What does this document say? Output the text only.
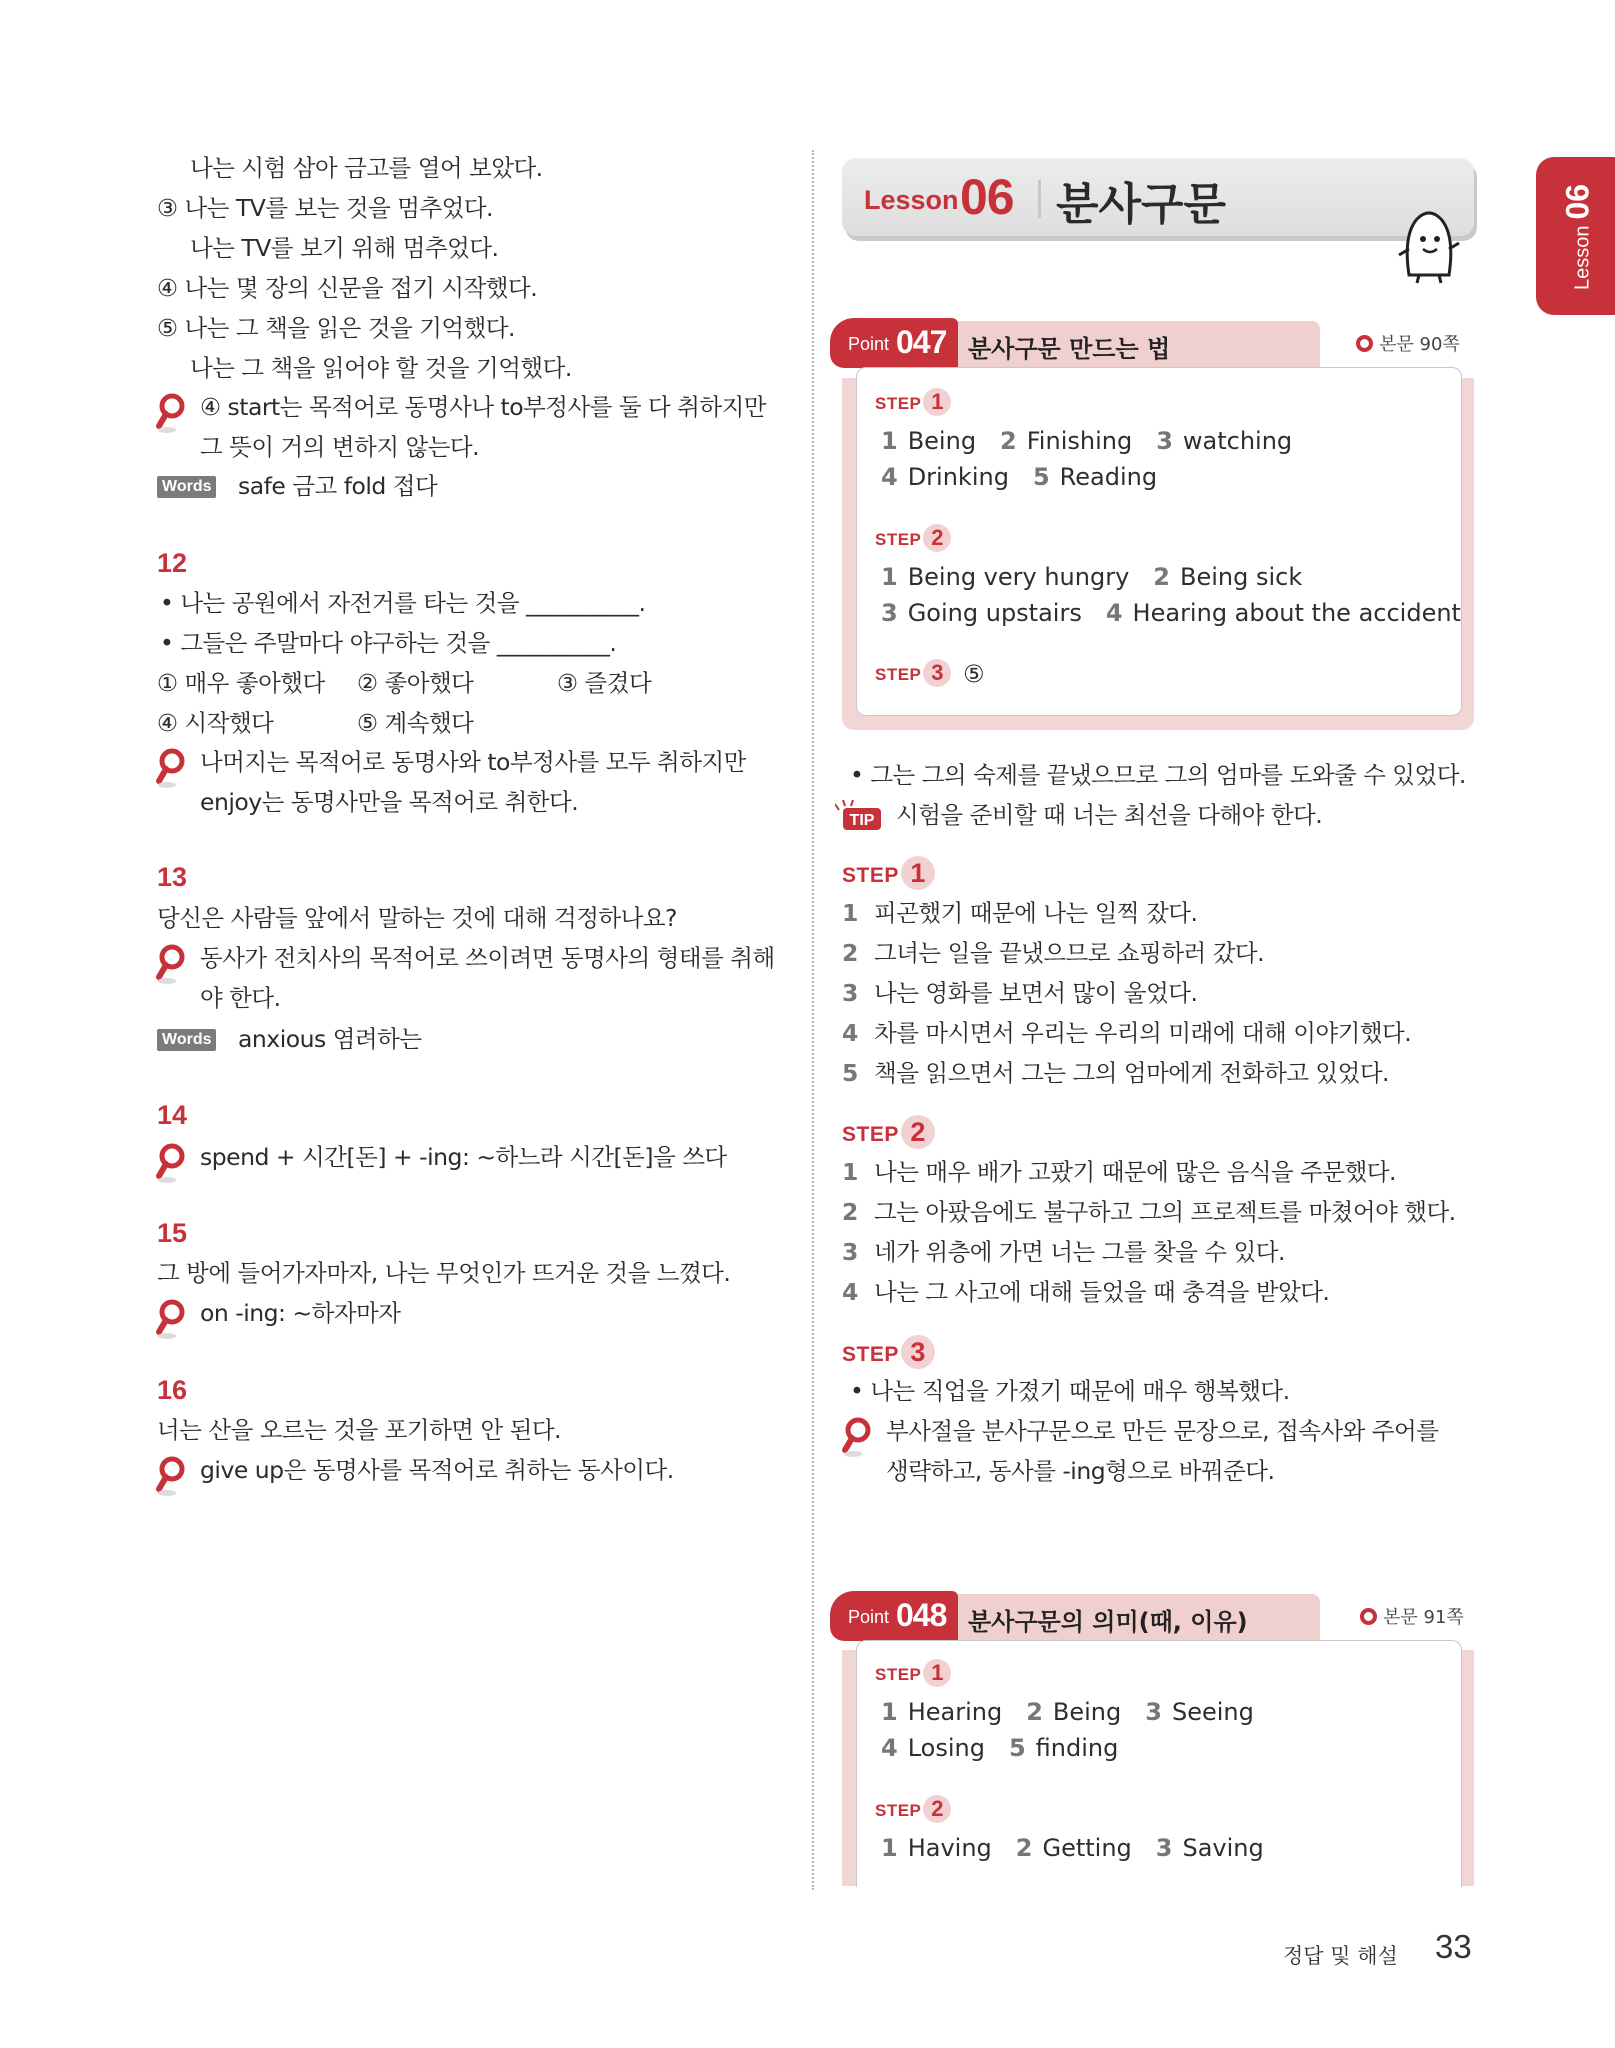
나는 시험 삼아 금고를 열어 보았다.
③ 나는 TV를 보는 것을 멈추었다.
나는 TV를 보기 위해 멈추었다.
④ 나는 몇 장의 신문을 접기 시작했다.
⑤ 나는 그 책을 읽은 것을 기억했다.
나는 그 책을 읽어야 할 것을 기억했다.
④ start는 목적어로 동명사나 to부정사를 둘 다 취하지만
그 뜻이 거의 변하지 않는다.
Words safe 금고 fold 접다
12
• 나는 공원에서 자전거를 타는 것을 __________.
• 그들은 주말마다 야구하는 것을 __________.
① 매우 좋아했다 ② 좋아했다	③ 즐겼다
④ 시작했다	⑤ 계속했다
나머지는 목적어로 동명사와 to부정사를 모두 취하지만
enjoy는 동명사만을 목적어로 취한다.
13
당신은 사람들 앞에서 말하는 것에 대해 걱정하나요?
동사가 전치사의 목적어로 쓰이려면 동명사의 형태를 취해
야 한다.
Words anxious 염려하는
14
spend + 시간[돈] + -ing: ~하느라 시간[돈]을 쓰다
15
그 방에 들어가자마자, 나는 무엇인가 뜨거운 것을 느꼈다.
on -ing: ~하자마자
16
너는 산을 오르는 것을 포기하면 안 된다.
give up은 동명사를 목적어로 취하는 동사이다.
Lesson 06 분사구문
Lesson06
Point 047 분사구문 만드는 법	본문 90쪽
STEP 1
1 Being 2 Finishing 3 watching
4 Drinking 5 Reading
STEP 2
1 Being very hungry 2 Being sick
3 Going upstairs 4 Hearing about the accident
STEP 3 ⑤
• 그는 그의 숙제를 끝냈으므로 그의 엄마를 도와줄 수 있었다.
TIP 시험을 준비할 때 너는 최선을 다해야 한다.
STEP 1
1 피곤했기 때문에 나는 일찍 잤다.
2 그녀는 일을 끝냈으므로 쇼핑하러 갔다.
3 나는 영화를 보면서 많이 울었다.
4 차를 마시면서 우리는 우리의 미래에 대해 이야기했다.
5 책을 읽으면서 그는 그의 엄마에게 전화하고 있었다.
STEP 2
1 나는 매우 배가 고팠기 때문에 많은 음식을 주문했다.
2 그는 아팠음에도 불구하고 그의 프로젝트를 마쳤어야 했다.
3 네가 위층에 가면 너는 그를 찾을 수 있다.
4 나는 그 사고에 대해 들었을 때 충격을 받았다.
STEP 3
• 나는 직업을 가졌기 때문에 매우 행복했다.
부사절을 분사구문으로 만든 문장으로, 접속사와 주어를
생략하고, 동사를 -ing형으로 바꿔준다.
Point 048 분사구문의 의미(때, 이유)	본문 91쪽
STEP 1
1 Hearing 2 Being 3 Seeing
4 Losing 5 finding
STEP 2
1 Having 2 Getting 3 Saving
정답 및 해설 33
